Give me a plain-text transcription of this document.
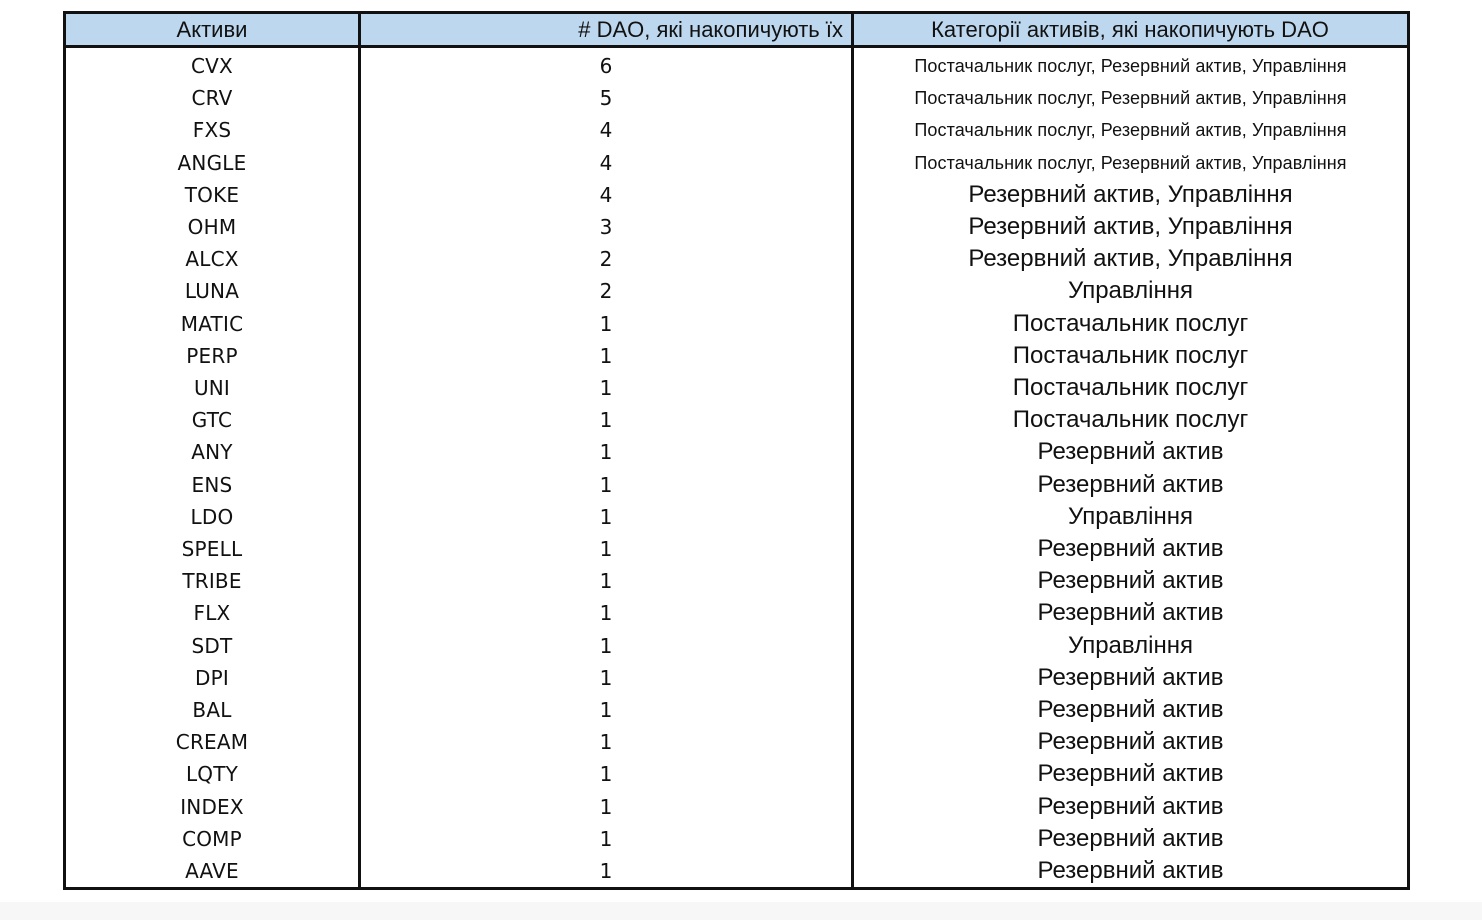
Активи	# DAO, які накопичують їх	Категорії активів, які накопичують DAO
CVX	6	Постачальник послуг, Резервний актив, Управління
CRV	5	Постачальник послуг, Резервний актив, Управління
FXS	4	Постачальник послуг, Резервний актив, Управління
ANGLE	4	Постачальник послуг, Резервний актив, Управління
TOKE	4	Резервний актив, Управління
OHM	3	Резервний актив, Управління
ALCX	2	Резервний актив, Управління
LUNA	2	Управління
MATIC	1	Постачальник послуг
PERP	1	Постачальник послуг
UNI	1	Постачальник послуг
GTC	1	Постачальник послуг
ANY	1	Резервний актив
ENS	1	Резервний актив
LDO	1	Управління
SPELL	1	Резервний актив
TRIBE	1	Резервний актив
FLX	1	Резервний актив
SDT	1	Управління
DPI	1	Резервний актив
BAL	1	Резервний актив
CREAM	1	Резервний актив
LQTY	1	Резервний актив
INDEX	1	Резервний актив
COMP	1	Резервний актив
AAVE	1	Резервний актив
